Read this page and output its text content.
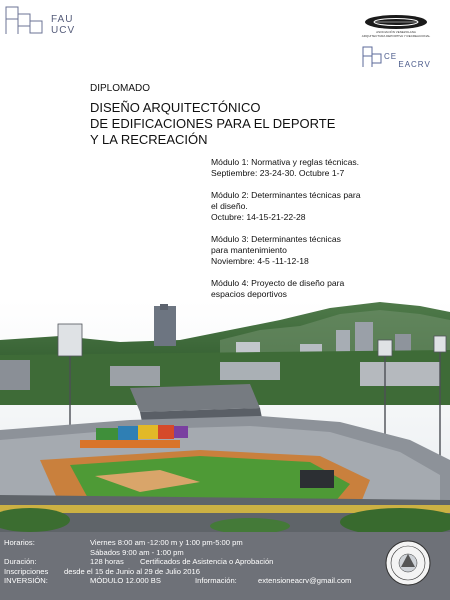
FAU
UCV	ASOCIACIÓN VENEZOLANA
ARQUITECTURA DEPORTIVA Y RECREACIONAL
CE EACRV
DIPLOMADO
DISEÑO ARQUITECTÓNICO
DE EDIFICACIONES PARA EL DEPORTE
Y LA RECREACIÓN
Módulo 1: Normativa y reglas técnicas.
Septiembre: 23-24-30. Octubre 1-7
Módulo 2: Determinantes técnicas para
el diseño.
Octubre: 14-15-21-22-28
Módulo 3: Determinantes técnicas
para mantenimiento
Noviembre: 4-5 -11-12-18
Módulo 4: Proyecto de diseño para
espacios deportivos
Horarios:	Viernes 8:00 am -12:00 m y 1:00 pm-5:00 pm
Sábados 9:00 am - 1:00 pm
Duración:	128 horas Certificados de Asistencia o Aprobación
Inscripciones desde el 15 de Junio al 29 de Julio 2016
INVERSIÓN:	MÓDULO 12.000 BS	Información:	extensioneacrv@gmail.com
